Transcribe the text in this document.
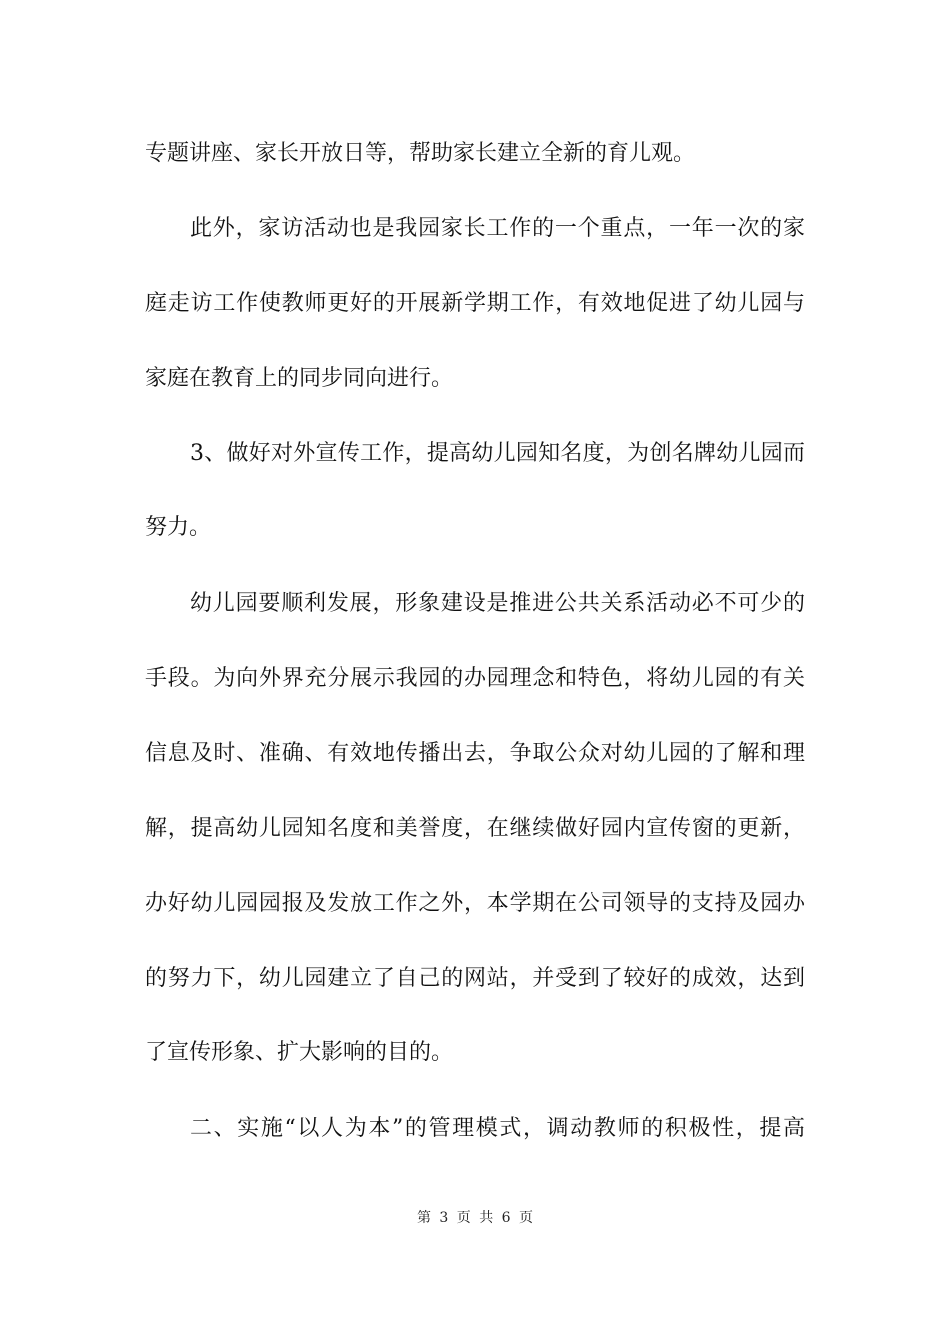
专题讲座、家长开放日等，帮助家长建立全新的育儿观。
此外，家访活动也是我园家长工作的一个重点，一年一次的家
庭走访工作使教师更好的开展新学期工作，有效地促进了幼儿园与
家庭在教育上的同步同向进行。
3、做好对外宣传工作，提高幼儿园知名度，为创名牌幼儿园而
努力。
幼儿园要顺利发展，形象建设是推进公共关系活动必不可少的
手段。为向外界充分展示我园的办园理念和特色，将幼儿园的有关
信息及时、准确、有效地传播出去，争取公众对幼儿园的了解和理
解，提高幼儿园知名度和美誉度，在继续做好园内宣传窗的更新，
办好幼儿园园报及发放工作之外，本学期在公司领导的支持及园办
的努力下，幼儿园建立了自己的网站，并受到了较好的成效，达到
了宣传形象、扩大影响的目的。
二、实施“以人为本”的管理模式，调动教师的积极性，提高
第 3 页 共 6 页
